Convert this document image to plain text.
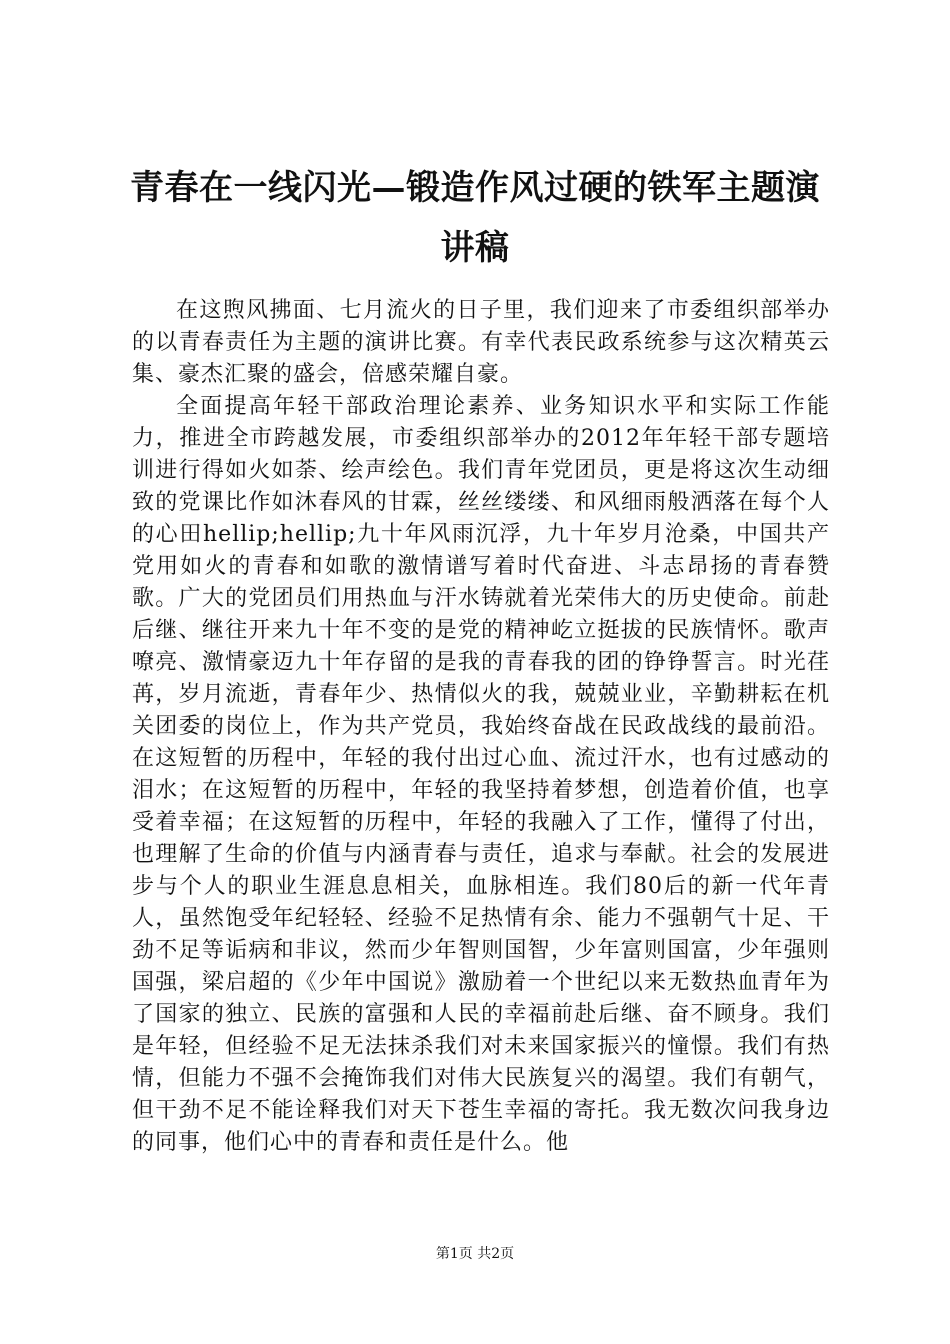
青春在一线闪光—锻造作风过硬的铁军主题演讲稿

在这煦风拂面、七月流火的日子里，我们迎来了市委组织部举办的以青春责任为主题的演讲比赛。有幸代表民政系统参与这次精英云集、豪杰汇聚的盛会，倍感荣耀自豪。

全面提高年轻干部政治理论素养、业务知识水平和实际工作能力，推进全市跨越发展，市委组织部举办的2012年年轻干部专题培训进行得如火如荼、绘声绘色。我们青年党团员，更是将这次生动细致的党课比作如沐春风的甘霖，丝丝缕缕、和风细雨般洒落在每个人的心田hellip;hellip;九十年风雨沉浮，九十年岁月沧桑，中国共产党用如火的青春和如歌的激情谱写着时代奋进、斗志昂扬的青春赞歌。广大的党团员们用热血与汗水铸就着光荣伟大的历史使命。前赴后继、继往开来九十年不变的是党的精神屹立挺拔的民族情怀。歌声嘹亮、激情豪迈九十年存留的是我的青春我的团的铮铮誓言。时光荏苒，岁月流逝，青春年少、热情似火的我，兢兢业业，辛勤耕耘在机关团委的岗位上，作为共产党员，我始终奋战在民政战线的最前沿。在这短暂的历程中，年轻的我付出过心血、流过汗水，也有过感动的泪水；在这短暂的历程中，年轻的我坚持着梦想，创造着价值，也享受着幸福；在这短暂的历程中，年轻的我融入了工作，懂得了付出，也理解了生命的价值与内涵青春与责任，追求与奉献。社会的发展进步与个人的职业生涯息息相关，血脉相连。我们80后的新一代年青人，虽然饱受年纪轻轻、经验不足热情有余、能力不强朝气十足、干劲不足等诟病和非议，然而少年智则国智，少年富则国富，少年强则国强，梁启超的《少年中国说》激励着一个世纪以来无数热血青年为了国家的独立、民族的富强和人民的幸福前赴后继、奋不顾身。我们是年轻，但经验不足无法抹杀我们对未来国家振兴的憧憬。我们有热情，但能力不强不会掩饰我们对伟大民族复兴的渴望。我们有朝气，但干劲不足不能诠释我们对天下苍生幸福的寄托。我无数次问我身边的同事，他们心中的青春和责任是什么。他

第1页 共2页
